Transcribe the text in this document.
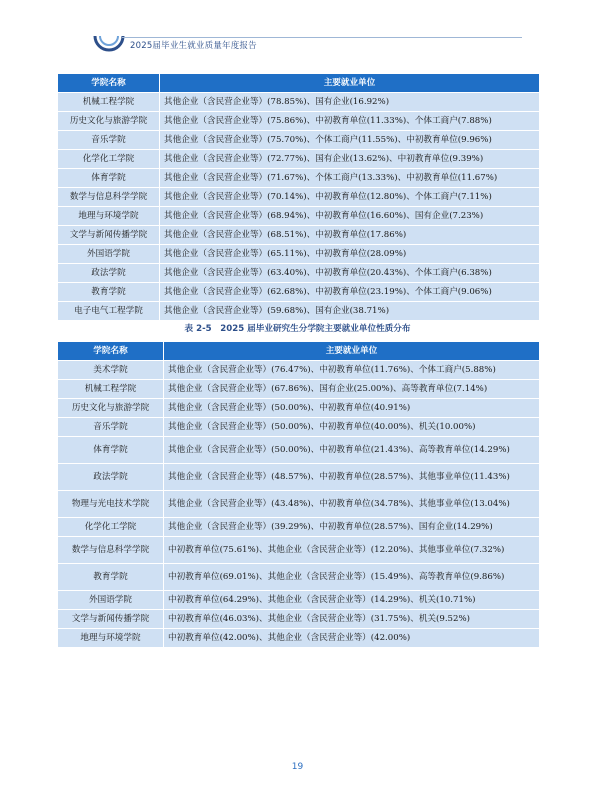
2025届毕业生就业质量年度报告
学院名称	主要就业单位
机械工程学院	其他企业（含民营企业等）(78.85%)、国有企业(16.92%)
历史文化与旅游学院	其他企业（含民营企业等）(75.86%)、中初教育单位(11.33%)、个体工商户(7.88%)
音乐学院	其他企业（含民营企业等）(75.70%)、个体工商户(11.55%)、中初教育单位(9.96%)
化学化工学院	其他企业（含民营企业等）(72.77%)、国有企业(13.62%)、中初教育单位(9.39%)
体育学院	其他企业（含民营企业等）(71.67%)、个体工商户(13.33%)、中初教育单位(11.67%)
数学与信息科学学院	其他企业（含民营企业等）(70.14%)、中初教育单位(12.80%)、个体工商户(7.11%)
地理与环境学院	其他企业（含民营企业等）(68.94%)、中初教育单位(16.60%)、国有企业(7.23%)
文学与新闻传播学院	其他企业（含民营企业等）(68.51%)、中初教育单位(17.86%)
外国语学院	其他企业（含民营企业等）(65.11%)、中初教育单位(28.09%)
政法学院	其他企业（含民营企业等）(63.40%)、中初教育单位(20.43%)、个体工商户(6.38%)
教育学院	其他企业（含民营企业等）(62.68%)、中初教育单位(23.19%)、个体工商户(9.06%)
电子电气工程学院	其他企业（含民营企业等）(59.68%)、国有企业(38.71%)
表 2-5　2025 届毕业研究生分学院主要就业单位性质分布
学院名称	主要就业单位
美术学院	其他企业（含民营企业等）(76.47%)、中初教育单位(11.76%)、个体工商户(5.88%)
机械工程学院	其他企业（含民营企业等）(67.86%)、国有企业(25.00%)、高等教育单位(7.14%)
历史文化与旅游学院	其他企业（含民营企业等）(50.00%)、中初教育单位(40.91%)
音乐学院	其他企业（含民营企业等）(50.00%)、中初教育单位(40.00%)、机关(10.00%)
体育学院	其他企业（含民营企业等）(50.00%)、中初教育单位(21.43%)、高等教育单位(14.29%)
政法学院	其他企业（含民营企业等）(48.57%)、中初教育单位(28.57%)、其他事业单位(11.43%)
物理与光电技术学院	其他企业（含民营企业等）(43.48%)、中初教育单位(34.78%)、其他事业单位(13.04%)
化学化工学院	其他企业（含民营企业等）(39.29%)、中初教育单位(28.57%)、国有企业(14.29%)
数学与信息科学学院	中初教育单位(75.61%)、其他企业（含民营企业等）(12.20%)、其他事业单位(7.32%)
教育学院	中初教育单位(69.01%)、其他企业（含民营企业等）(15.49%)、高等教育单位(9.86%)
外国语学院	中初教育单位(64.29%)、其他企业（含民营企业等）(14.29%)、机关(10.71%)
文学与新闻传播学院	中初教育单位(46.03%)、其他企业（含民营企业等）(31.75%)、机关(9.52%)
地理与环境学院	中初教育单位(42.00%)、其他企业（含民营企业等）(42.00%)
19
